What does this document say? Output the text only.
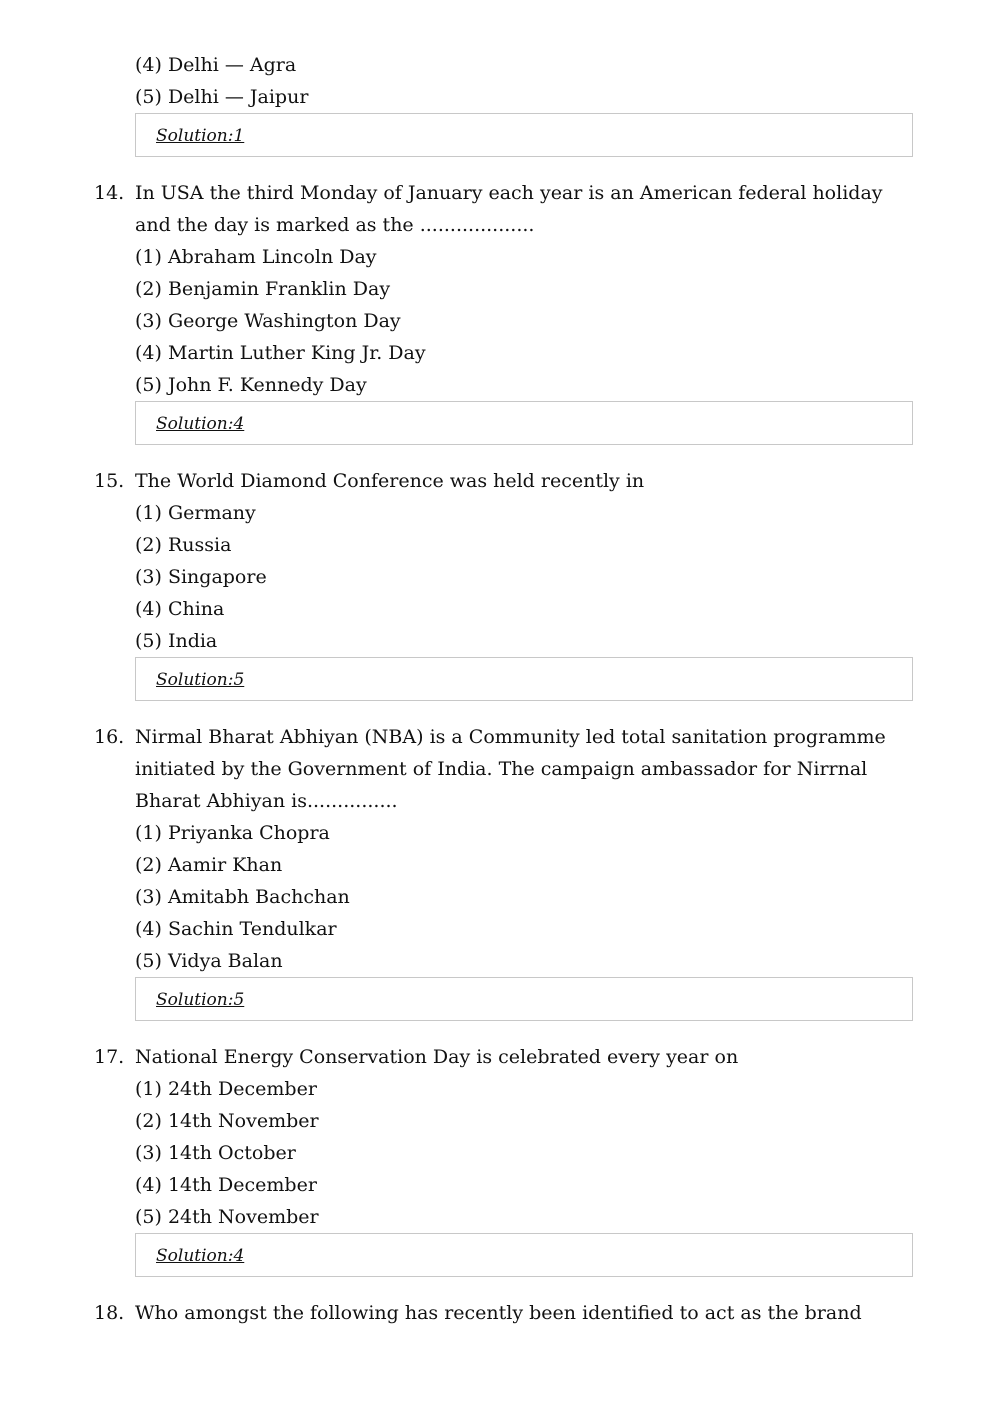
(4) Delhi — Agra
(5) Delhi — Jaipur
Solution:1
14. In USA the third Monday of January each year is an American federal holiday and the day is marked as the ...................
(1) Abraham Lincoln Day
(2) Benjamin Franklin Day
(3) George Washington Day
(4) Martin Luther King Jr. Day
(5) John F. Kennedy Day
Solution:4
15. The World Diamond Conference was held recently in
(1) Germany
(2) Russia
(3) Singapore
(4) China
(5) India
Solution:5
16. Nirmal Bharat Abhiyan (NBA) is a Community led total sanitation programme initiated by the Government of India. The campaign ambassador for Nirrnal Bharat Abhiyan is...............
(1) Priyanka Chopra
(2) Aamir Khan
(3) Amitabh Bachchan
(4) Sachin Tendulkar
(5) Vidya Balan
Solution:5
17. National Energy Conservation Day is celebrated every year on
(1) 24th December
(2) 14th November
(3) 14th October
(4) 14th December
(5) 24th November
Solution:4
18. Who amongst the following has recently been identified to act as the brand
